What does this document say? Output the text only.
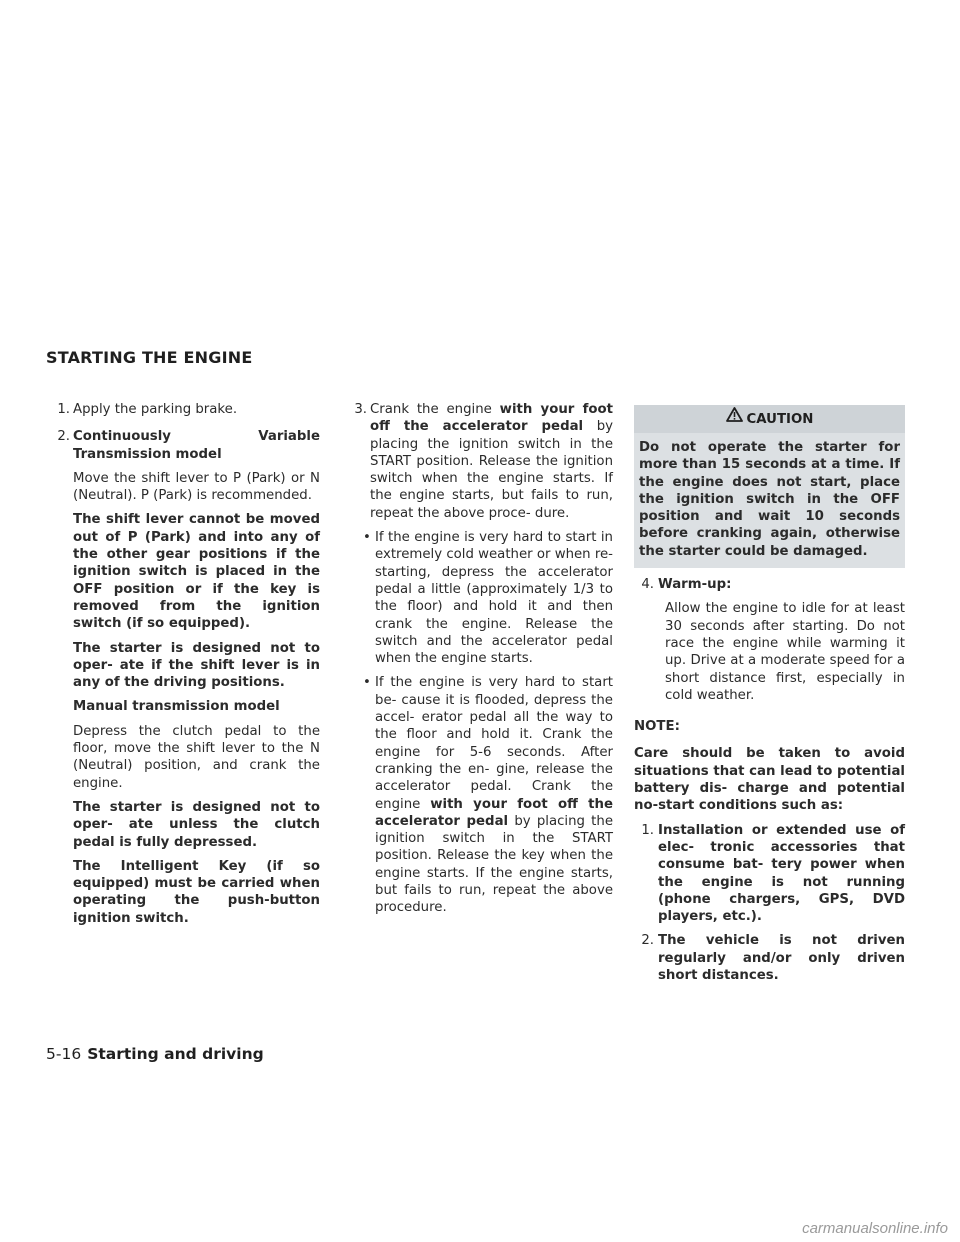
STARTING THE ENGINE
1. Apply the parking brake.
2. Continuously Variable Transmission model

Move the shift lever to P (Park) or N (Neutral). P (Park) is recommended.

The shift lever cannot be moved out of P (Park) and into any of the other gear positions if the ignition switch is placed in the OFF position or if the key is removed from the ignition switch (if so equipped).

The starter is designed not to oper- ate if the shift lever is in any of the driving positions.

Manual transmission model

Depress the clutch pedal to the floor, move the shift lever to the N (Neutral) position, and crank the engine.

The starter is designed not to oper- ate unless the clutch pedal is fully depressed.

The Intelligent Key (if so equipped) must be carried when operating the push-button ignition switch.

3. Crank the engine with your foot off the accelerator pedal by placing the ignition switch in the START position. Release the ignition switch when the engine starts. If the engine starts, but fails to run, repeat the above proce- dure.
• If the engine is very hard to start in extremely cold weather or when re- starting, depress the accelerator pedal a little (approximately 1/3 to the floor) and hold it and then crank the engine. Release the switch and the accelerator pedal when the engine starts.
• If the engine is very hard to start be- cause it is flooded, depress the accel- erator pedal all the way to the floor and hold it. Crank the engine for 5-6 seconds. After cranking the en- gine, release the accelerator pedal. Crank the engine with your foot off the accelerator pedal by placing the ignition switch in the START position. Release the key when the engine starts. If the engine starts, but fails to run, repeat the above procedure.
CAUTION
Do not operate the starter for more than 15 seconds at a time. If the engine does not start, place the ignition switch in the OFF position and wait 10 seconds before cranking again, otherwise the starter could be damaged.
4. Warm-up:

Allow the engine to idle for at least 30 seconds after starting. Do not race the engine while warming it up. Drive at a moderate speed for a short distance first, especially in cold weather.

NOTE:

Care should be taken to avoid situations that can lead to potential battery dis- charge and potential no-start conditions such as:

1. Installation or extended use of elec- tronic accessories that consume bat- tery power when the engine is not running (phone chargers, GPS, DVD players, etc.).
2. The vehicle is not driven regularly and/or only driven short distances.
5-16 Starting and driving
carmanualsonline.info
